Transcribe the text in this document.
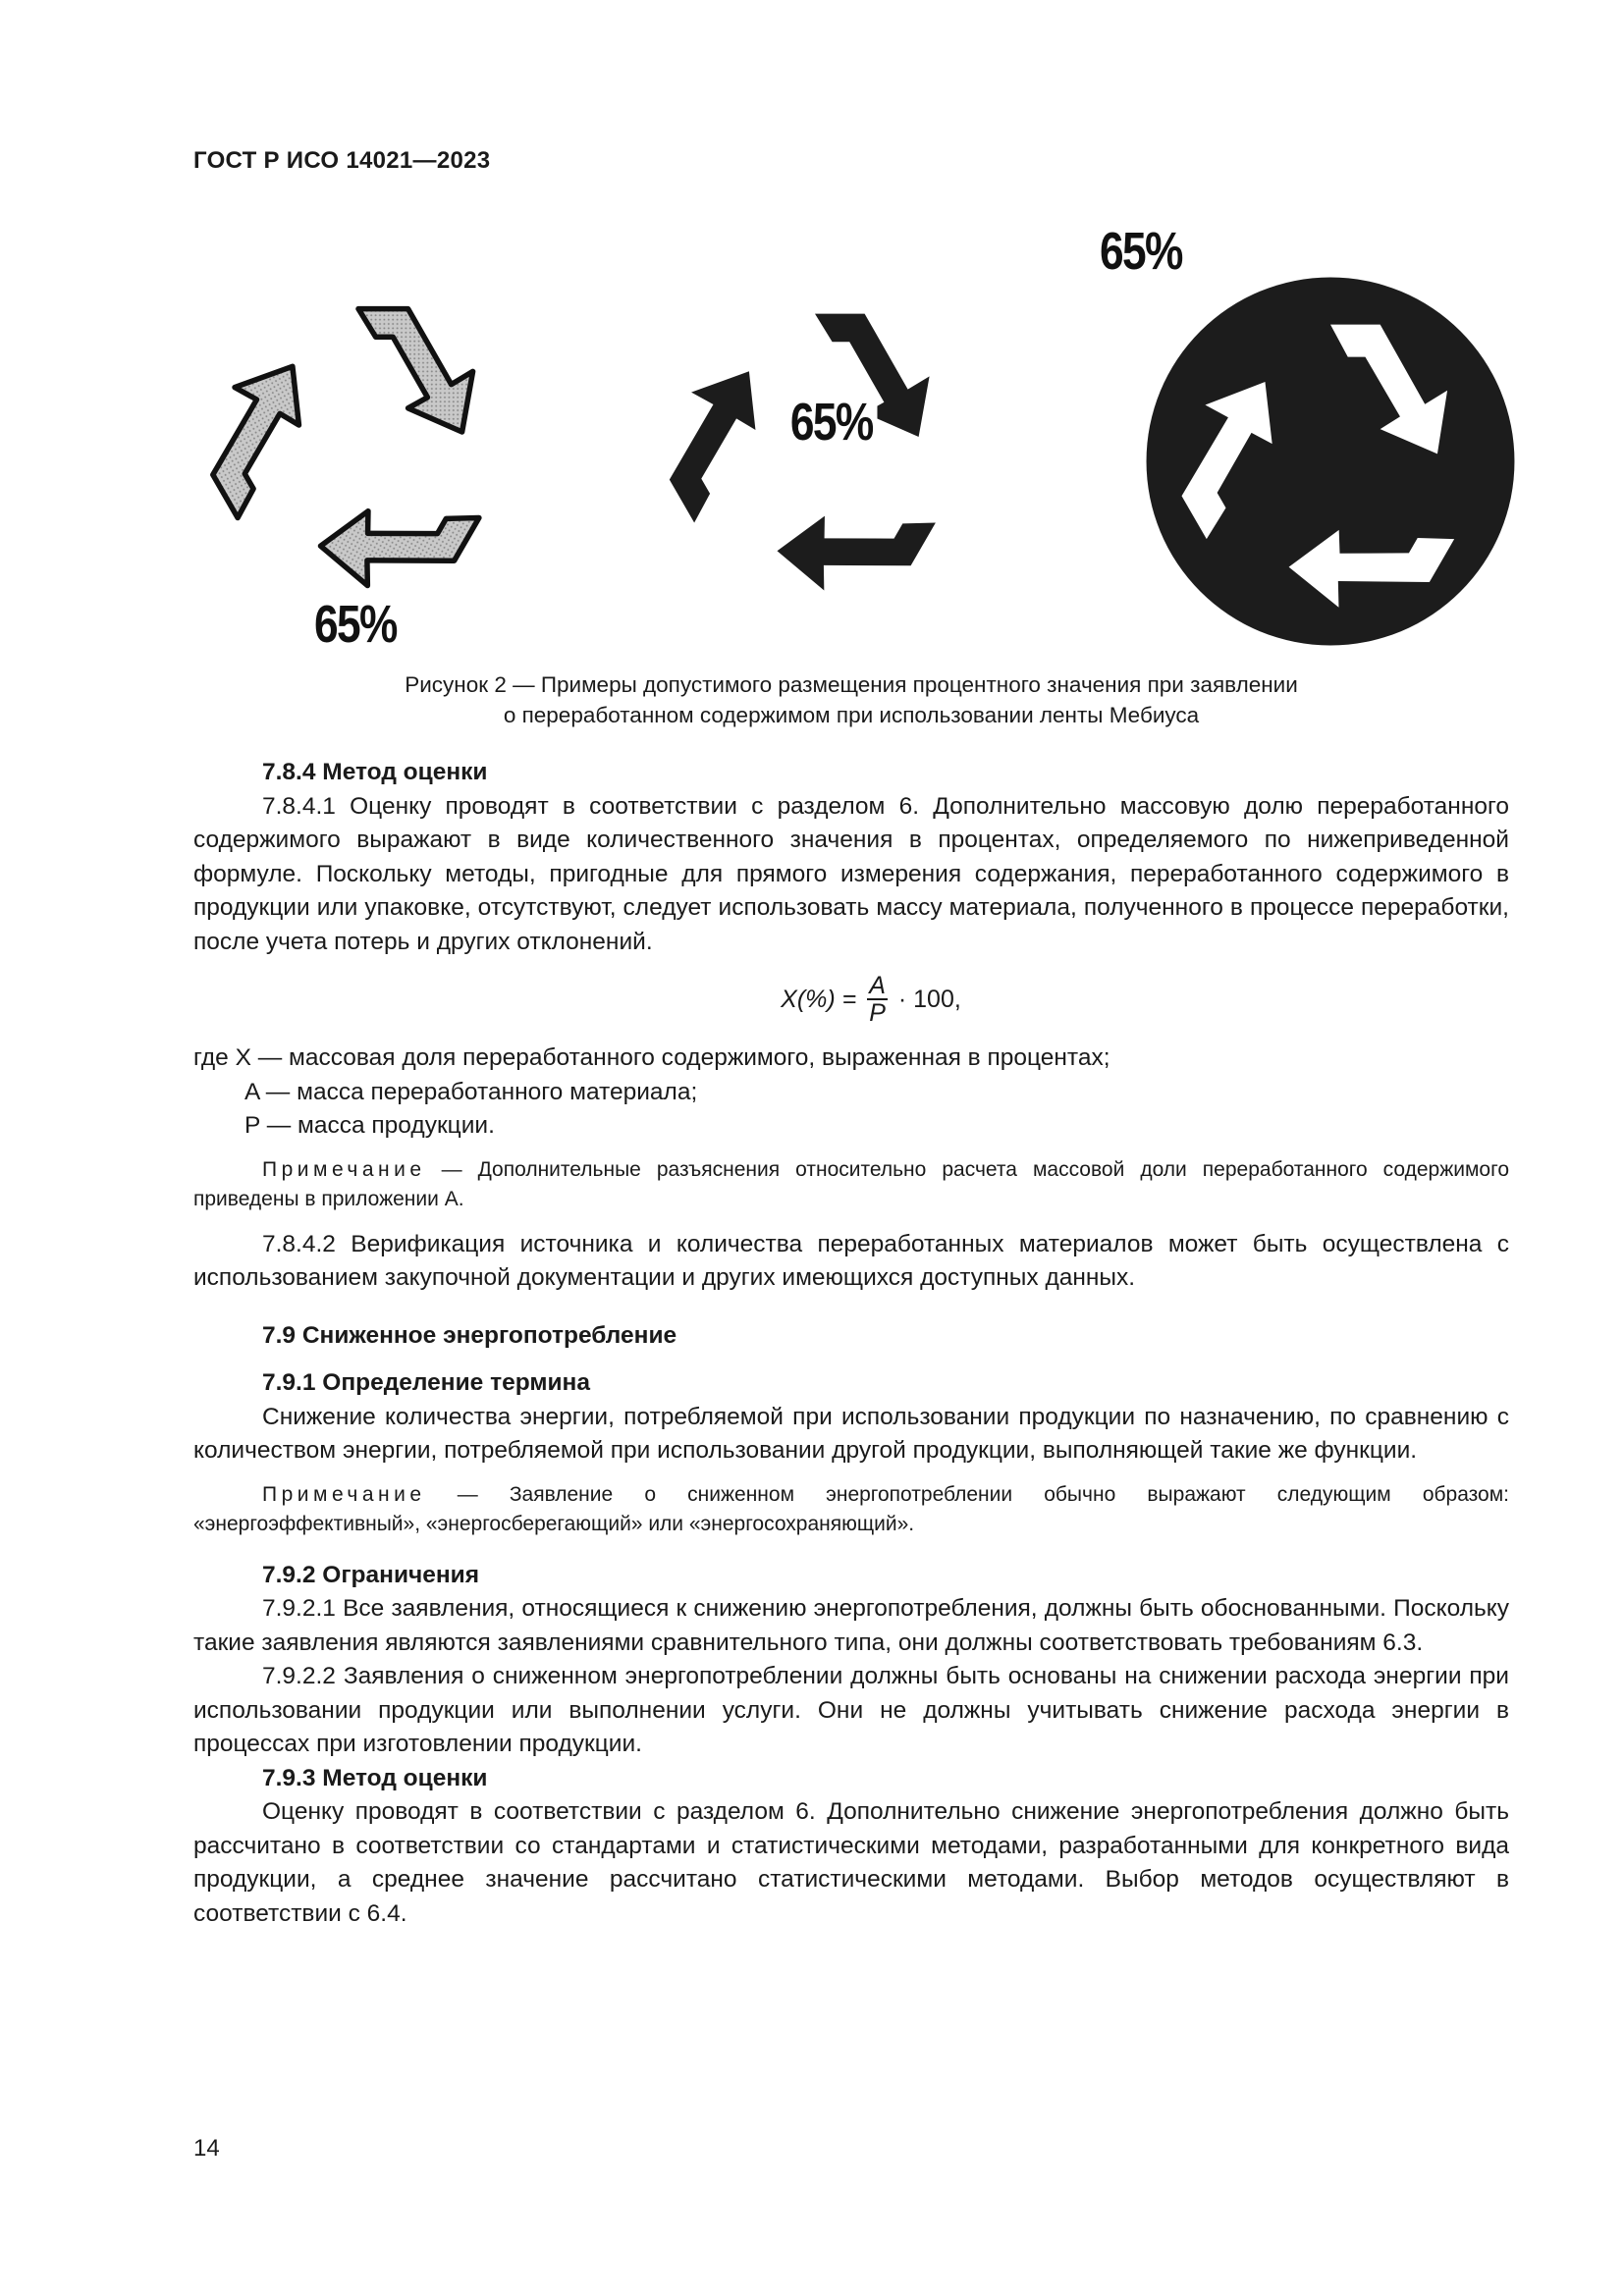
ГОСТ Р ИСО 14021—2023
65%
65%
65%
Рисунок 2 — Примеры допустимого размещения процентного значения при заявлении
о переработанном содержимом при использовании ленты Мебиуса

7.8.4 Метод оценки

7.8.4.1 Оценку проводят в соответствии с разделом 6. Дополнительно массовую долю переработанного содержимого выражают в виде количественного значения в процентах, определяемого по нижеприведенной формуле. Поскольку методы, пригодные для прямого измерения содержания, переработанного содержимого в продукции или упаковке, отсутствуют, следует использовать массу материала, полученного в процессе переработки, после учета потерь и других отклонений.

$X(\%) = \frac{A}{P} \cdot 100$,

где X — массовая доля переработанного содержимого, выраженная в процентах;

A — масса переработанного материала;

P — масса продукции.

Примечание — Дополнительные разъяснения относительно расчета массовой доли переработанного содержимого приведены в приложении А.

7.8.4.2 Верификация источника и количества переработанных материалов может быть осуществлена с использованием закупочной документации и других имеющихся доступных данных.

7.9 Сниженное энергопотребление

7.9.1 Определение термина

Снижение количества энергии, потребляемой при использовании продукции по назначению, по сравнению с количеством энергии, потребляемой при использовании другой продукции, выполняющей такие же функции.

Примечание — Заявление о сниженном энергопотреблении обычно выражают следующим образом: «энергоэффективный», «энергосберегающий» или «энергосохраняющий».

7.9.2 Ограничения

7.9.2.1 Все заявления, относящиеся к снижению энергопотребления, должны быть обоснованными. Поскольку такие заявления являются заявлениями сравнительного типа, они должны соответствовать требованиям 6.3.

7.9.2.2 Заявления о сниженном энергопотреблении должны быть основаны на снижении расхода энергии при использовании продукции или выполнении услуги. Они не должны учитывать снижение расхода энергии в процессах при изготовлении продукции.

7.9.3 Метод оценки

Оценку проводят в соответствии с разделом 6. Дополнительно снижение энергопотребления должно быть рассчитано в соответствии со стандартами и статистическими методами, разработанными для конкретного вида продукции, а среднее значение рассчитано статистическими методами. Выбор методов осуществляют в соответствии с 6.4.

14
